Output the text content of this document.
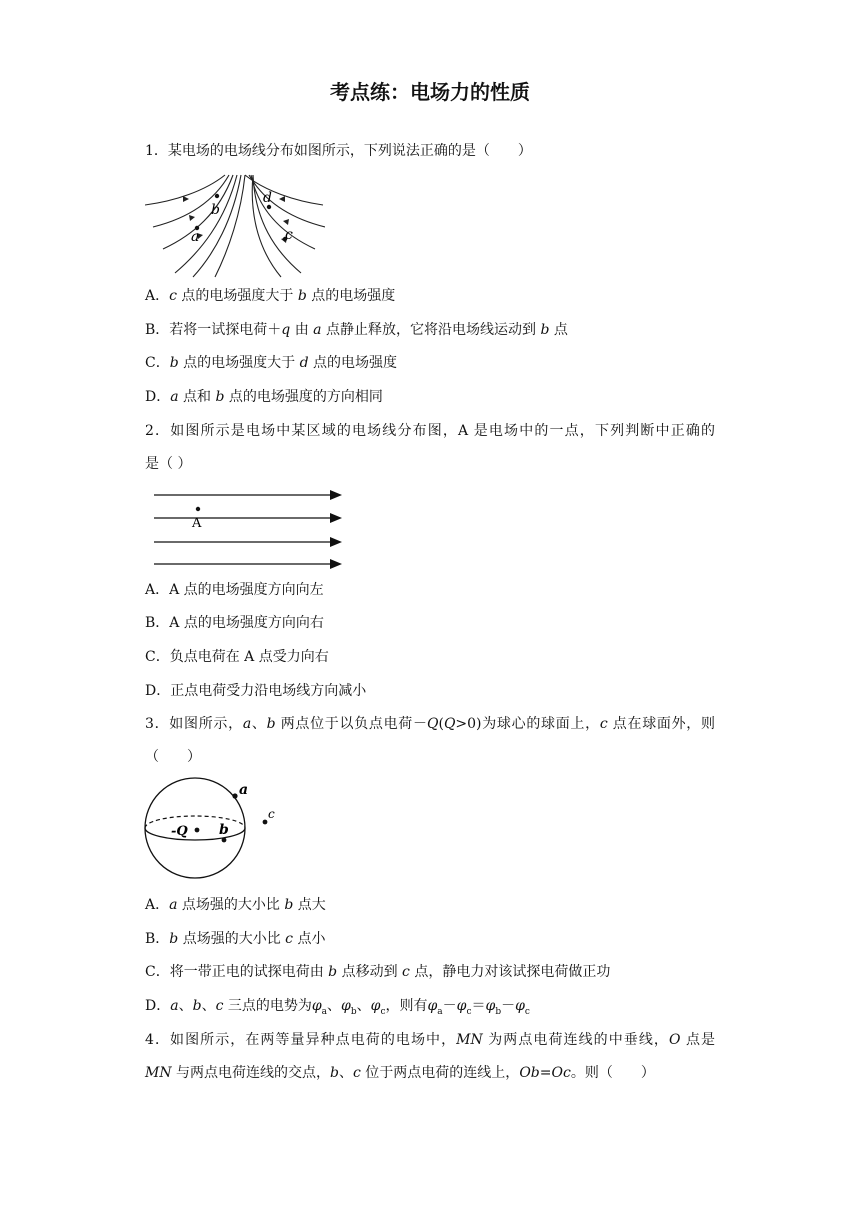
考点练：电场力的性质
1．某电场的电场线分布如图所示，下列说法正确的是（　　）
b
a
d
c
A．c 点的电场强度大于 b 点的电场强度
B．若将一试探电荷＋q 由 a 点静止释放，它将沿电场线运动到 b 点
C．b 点的电场强度大于 d 点的电场强度
D．a 点和 b 点的电场强度的方向相同
2．如图所示是电场中某区域的电场线分布图，A 是电场中的一点，下列判断中正确的
是（ ）
A
A．A 点的电场强度方向向左
B．A 点的电场强度方向向右
C．负点电荷在 A 点受力向右
D．正点电荷受力沿电场线方向减小
3．如图所示，a、b 两点位于以负点电荷－Q(Q>0)为球心的球面上，c 点在球面外，则
（　　）
-Q b
a
c
A．a 点场强的大小比 b 点大
B．b 点场强的大小比 c 点小
C．将一带正电的试探电荷由 b 点移动到 c 点，静电力对该试探电荷做正功
D．a、b、c 三点的电势为$\varphi_a$、$\varphi_b$、$\varphi_c$，则有$\varphi_a-\varphi_c=\varphi_b-\varphi_c$
4．如图所示，在两等量异种点电荷的电场中，MN 为两点电荷连线的中垂线，O 点是
MN 与两点电荷连线的交点，b、c 位于两点电荷的连线上，Ob=Oc。则（　　）
